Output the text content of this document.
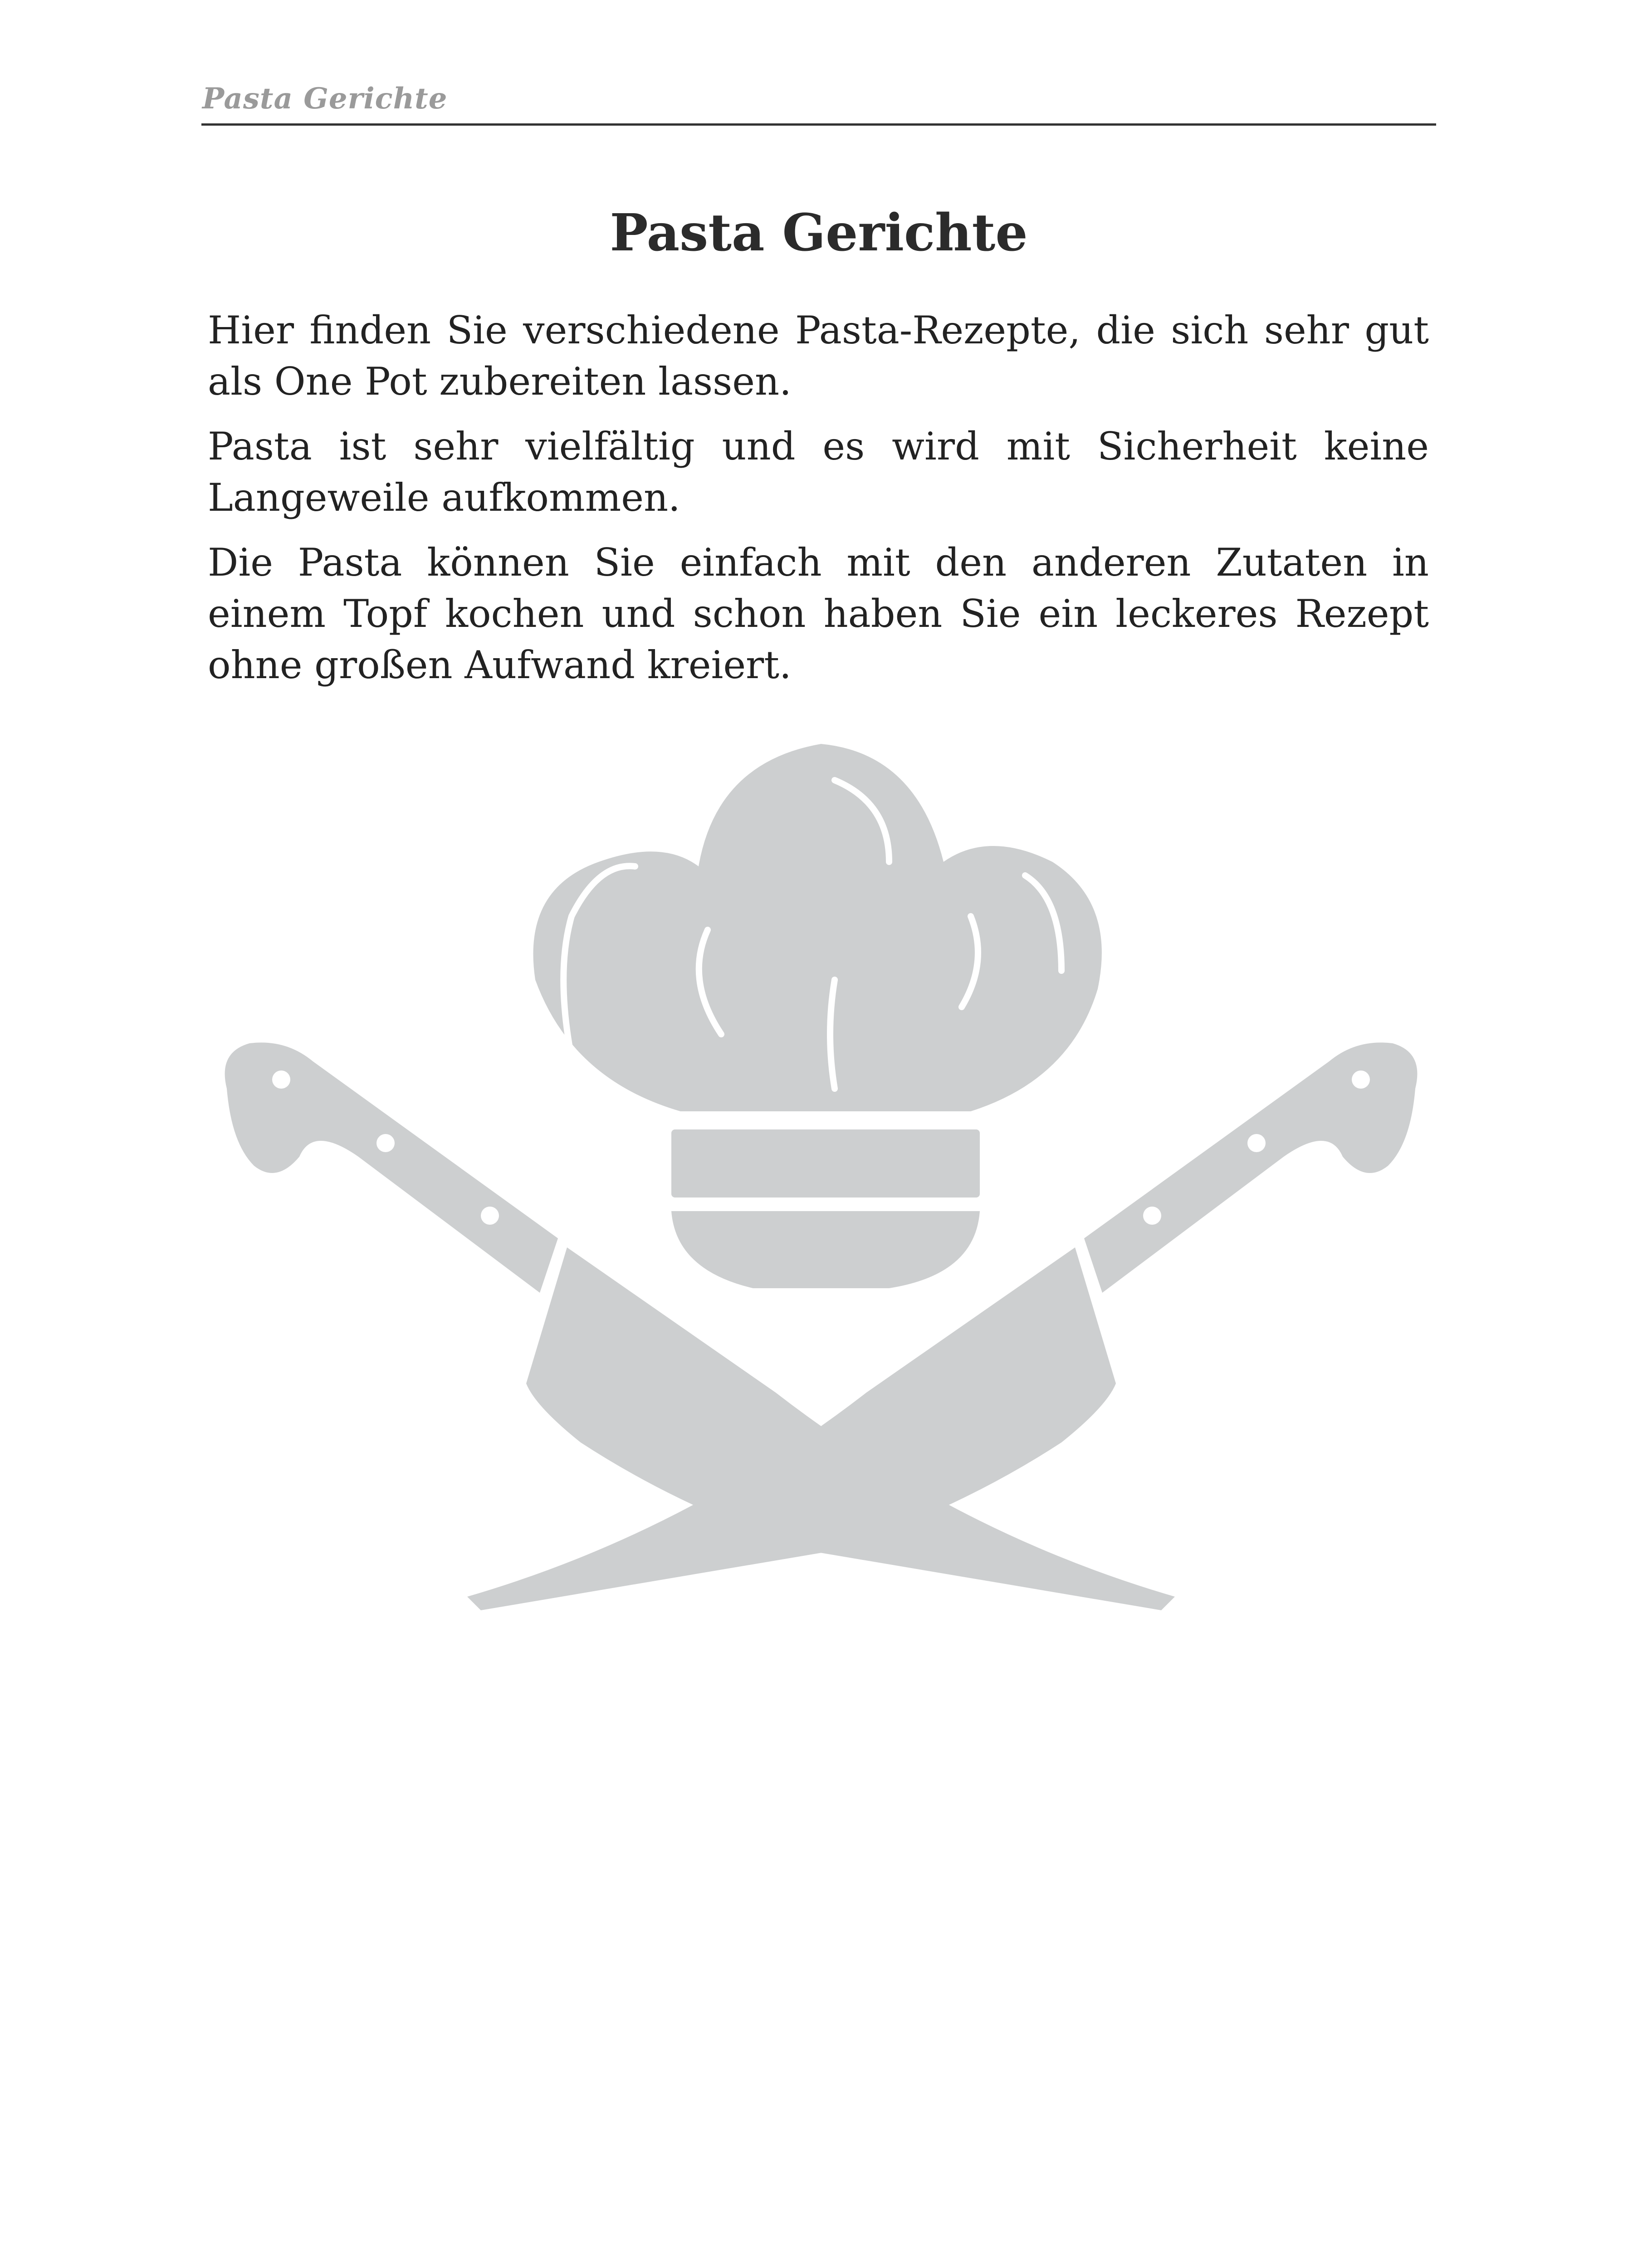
Pasta Gerichte
Pasta Gerichte

Hier finden Sie verschiedene Pasta-Rezepte, die sich sehr gut als One Pot zubereiten lassen.

Pasta ist sehr vielfältig und es wird mit Sicherheit keine Langeweile aufkommen.

Die Pasta können Sie einfach mit den anderen Zutaten in einem Topf kochen und schon haben Sie ein leckeres Rezept ohne großen Aufwand kreiert.
